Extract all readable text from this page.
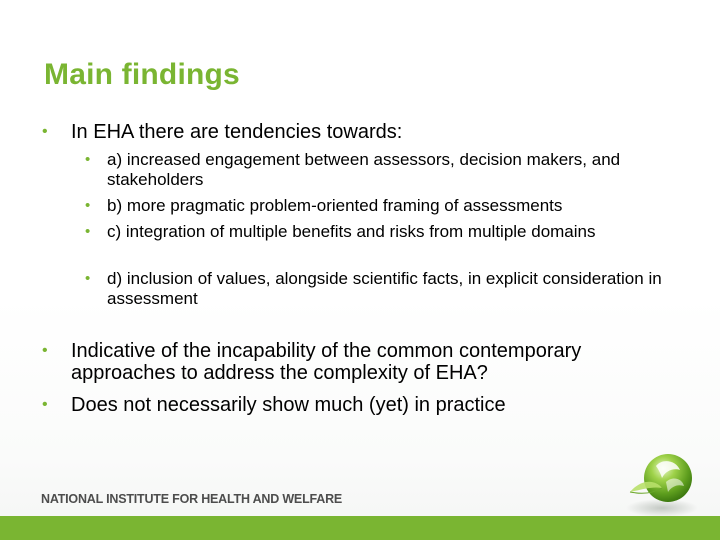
Main findings
• In EHA there are tendencies towards:
• a) increased engagement between assessors, decision makers, and stakeholders
• b) more pragmatic problem-oriented framing of assessments
• c) integration of multiple benefits and risks from multiple domains
• d) inclusion of values, alongside scientific facts, in explicit consideration in assessment
• Indicative of the incapability of the common contemporary approaches to address the complexity of EHA?
• Does not necessarily show much (yet) in practice
NATIONAL INSTITUTE FOR HEALTH AND WELFARE
